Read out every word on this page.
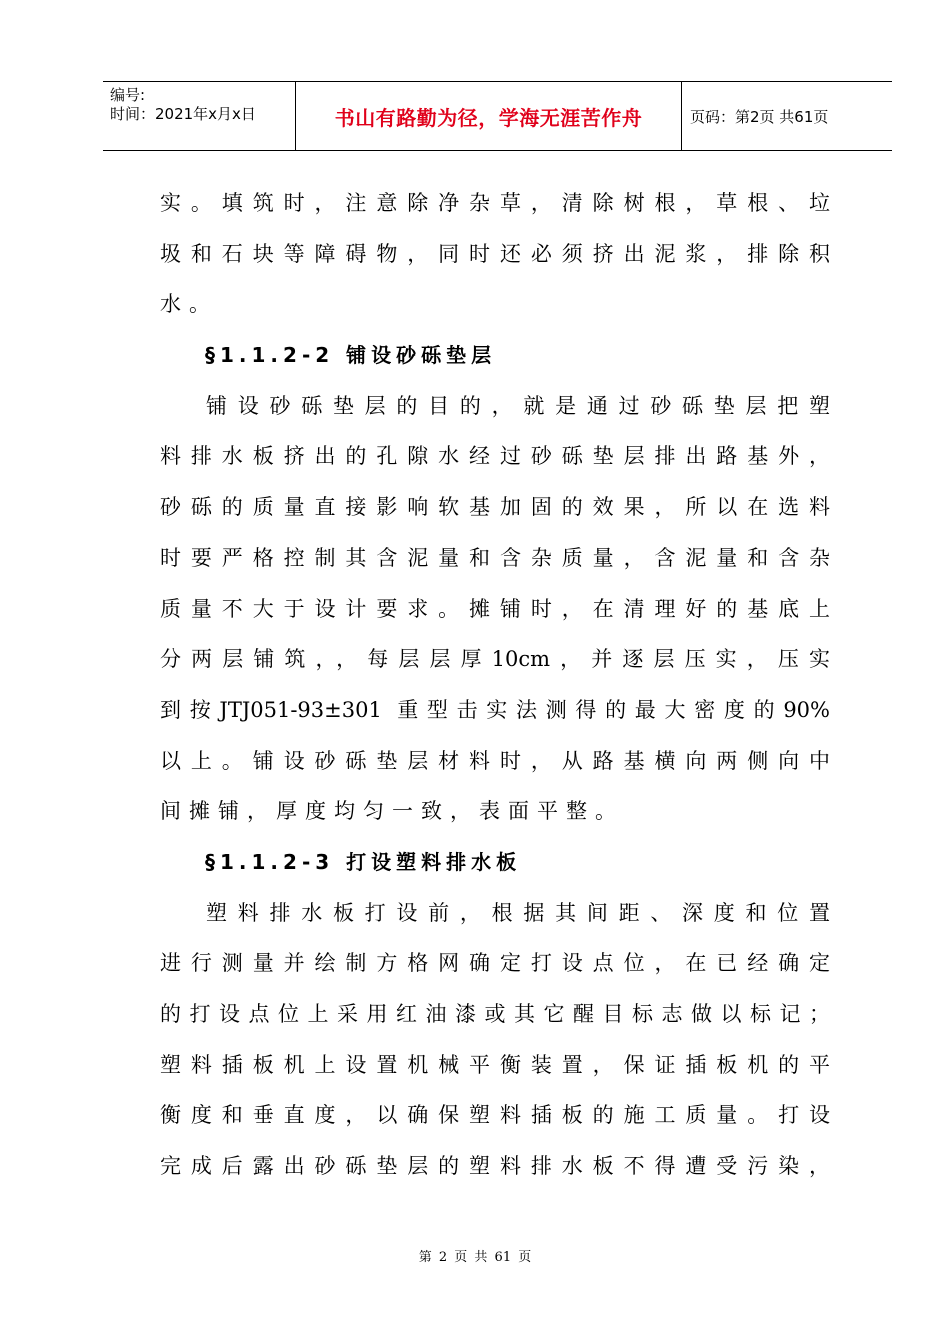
编号:
时间：2021年x月x日	书山有路勤为径，学海无涯苦作舟	页码：第2页 共61页
实。填筑时，注意除净杂草，清除树根，草根、垃
圾和石块等障碍物，同时还必须挤出泥浆，排除积
水。
§1.1.2-2 铺设砂砾垫层
铺设砂砾垫层的目的，就是通过砂砾垫层把塑
料排水板挤出的孔隙水经过砂砾垫层排出路基外，
砂砾的质量直接影响软基加固的效果，所以在选料
时要严格控制其含泥量和含杂质量，含泥量和含杂
质量不大于设计要求。摊铺时，在清理好的基底上
分两层铺筑，，每层层厚10cm，并逐层压实，压实
到按JTJ051-93±301 重型击实法测得的最大密度的90%
以上。铺设砂砾垫层材料时，从路基横向两侧向中
间摊铺，厚度均匀一致，表面平整。
§1.1.2-3 打设塑料排水板
塑料排水板打设前，根据其间距、深度和位置
进行测量并绘制方格网确定打设点位，在已经确定
的打设点位上采用红油漆或其它醒目标志做以标记；
塑料插板机上设置机械平衡装置，保证插板机的平
衡度和垂直度，以确保塑料插板的施工质量。打设
完成后露出砂砾垫层的塑料排水板不得遭受污染，
第 2 页 共 61 页
